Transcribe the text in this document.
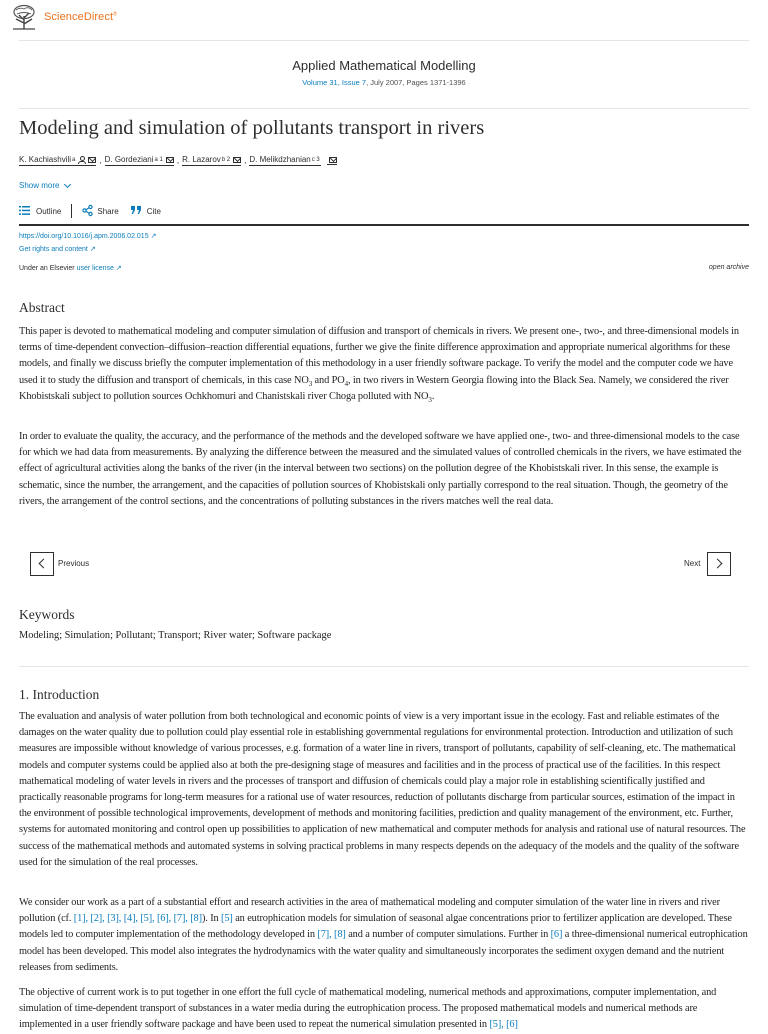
ScienceDirect®
Applied Mathematical Modelling
Volume 31, Issue 7, July 2007, Pages 1371-1396
Modeling and simulation of pollutants transport in rivers
K. Kachiashvili a	, D. Gordeziani a 1 , R. Lazarov b 2 , D. Melikdzhanian c 3
Show more
Outline	Share	Cite
https://doi.org/10.1016/j.apm.2006.02.015 ↗
Get rights and content ↗
Under an Elsevier user license ↗	open archive
Abstract
This paper is devoted to mathematical modeling and computer simulation of diffusion and transport of chemicals in rivers. We present one-, two-, and three-dimensional models in terms of time-dependent convection–diffusion–reaction differential equations, further we give the finite difference approximation and appropriate numerical algorithms for these models, and finally we discuss briefly the computer implementation of this methodology in a user friendly software package. To verify the model and the computer code we have used it to study the diffusion and transport of chemicals, in this case $NO_3$ and $PO_4$, in two rivers in Western Georgia flowing into the Black Sea. Namely, we considered the river Khobistskali subject to pollution sources Ochkhomuri and Chanistskali river Choga polluted with $NO_3$.
In order to evaluate the quality, the accuracy, and the performance of the methods and the developed software we have applied one-, two- and three-dimensional models to the case for which we had data from measurements. By analyzing the difference between the measured and the simulated values of controlled chemicals in the rivers, we have estimated the effect of agricultural activities along the banks of the river (in the interval between two sections) on the pollution degree of the Khobistskali river. In this sense, the example is schematic, since the number, the arrangement, and the capacities of pollution sources of Khobistskali only partially correspond to the real situation. Though, the geometry of the rivers, the arrangement of the control sections, and the concentrations of polluting substances in the rivers matches well the real data.
Previous	Next
Keywords
Modeling; Simulation; Pollutant; Transport; River water; Software package
1. Introduction
The evaluation and analysis of water pollution from both technological and economic points of view is a very important issue in the ecology. Fast and reliable estimates of the damages on the water quality due to pollution could play essential role in establishing governmental regulations for environmental protection. Introduction and utilization of such measures are impossible without knowledge of various processes, e.g. formation of a water line in rivers, transport of pollutants, capability of self-cleaning, etc. The mathematical models and computer systems could be applied also at both the pre-designing stage of measures and facilities and in the process of practical use of the facilities. In this respect mathematical modeling of water levels in rivers and the processes of transport and diffusion of chemicals could play a major role in establishing scientifically justified and practically reasonable programs for long-term measures for a rational use of water resources, reduction of pollutants discharge from particular sources, estimation of the impact in the environment of possible technological improvements, development of methods and monitoring facilities, prediction and quality management of the environment, etc. Further, systems for automated monitoring and control open up possibilities to application of new mathematical and computer methods for analysis and rational use of natural resources. The success of the mathematical methods and automated systems in solving practical problems in many respects depends on the adequacy of the models and the quality of the software used for the simulation of the real processes.
We consider our work as a part of a substantial effort and research activities in the area of mathematical modeling and computer simulation of the water line in rivers and river pollution (cf. [1], [2], [3], [4], [5], [6], [7], [8]). In [5] an eutrophication models for simulation of seasonal algae concentrations prior to fertilizer application are developed. These models led to computer implementation of the methodology developed in [7], [8] and a number of computer simulations. Further in [6] a three-dimensional numerical eutrophication model has been developed. This model also integrates the hydrodynamics with the water quality and simultaneously incorporates the sediment oxygen demand and the nutrient releases from sediments.
The objective of current work is to put together in one effort the full cycle of mathematical modeling, numerical methods and approximations, computer implementation, and simulation of time-dependent transport of substances in a water media during the eutrophication process. The proposed mathematical models and numerical methods are implemented in a user friendly software package and have been used to repeat the numerical simulation presented in [5], [6]
